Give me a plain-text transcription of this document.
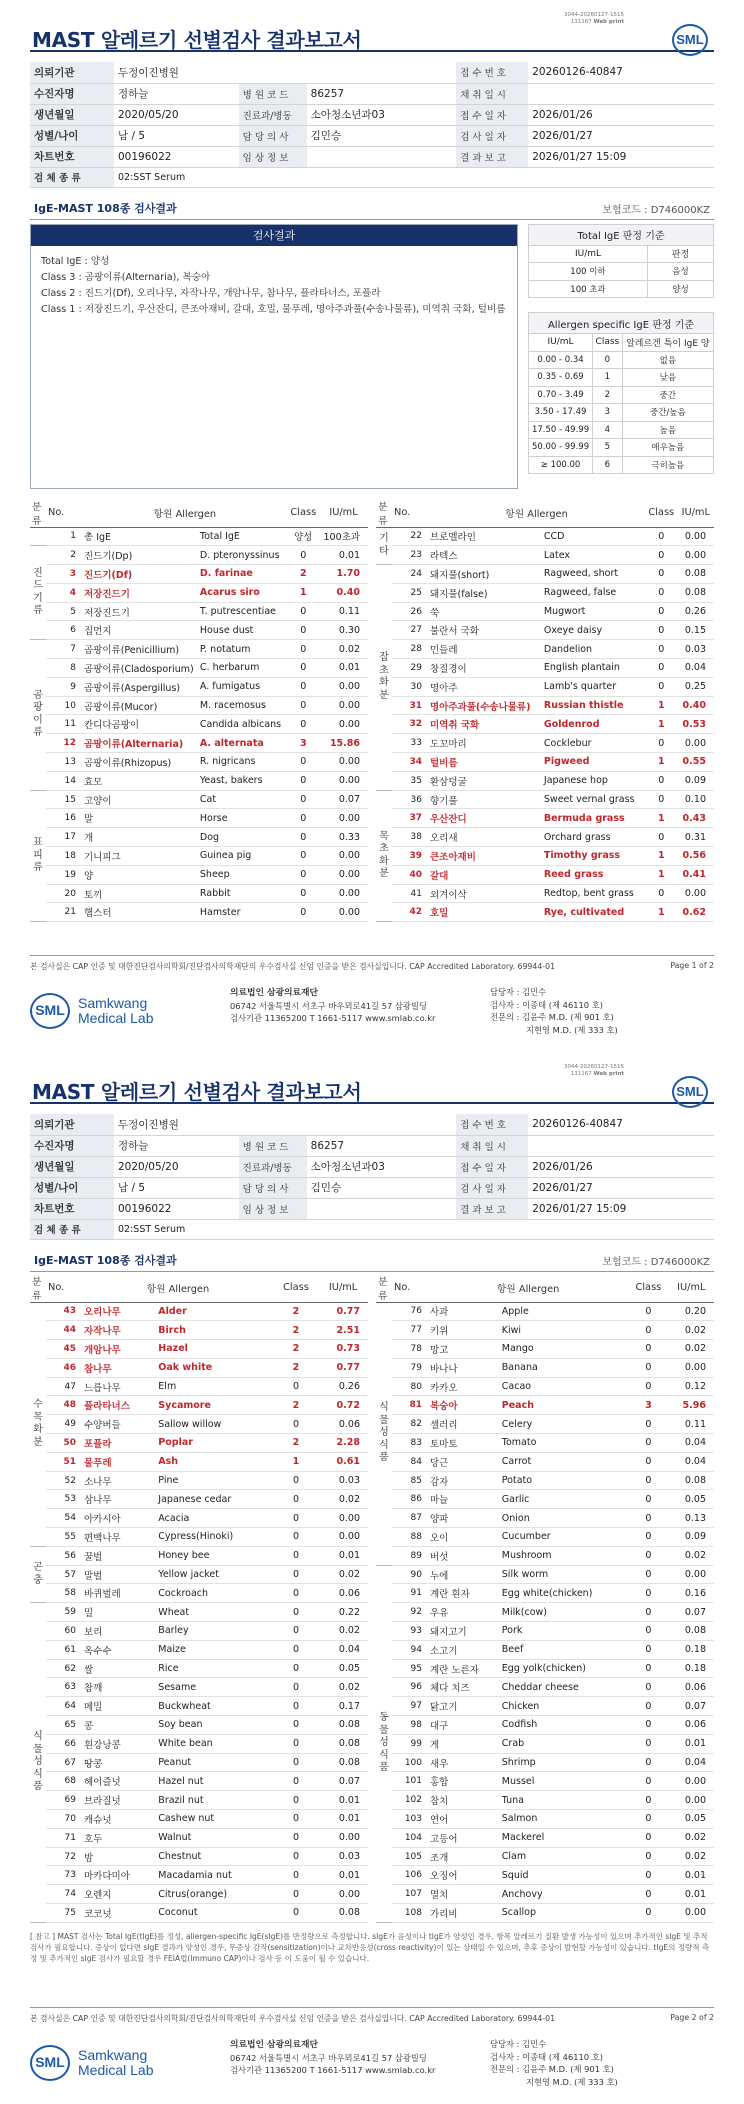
MAST 알레르기 선별검사 결과보고서
3044-20260127-1515
131167 Web print
SML
의뢰기관	두정이진병원			접 수 번 호	20260126-40847
수진자명	정하늘	병 원 코 드	86257	채 취 일 시	
생년월일	2020/05/20	진료과/병동	소아청소년과03	접 수 일 자	2026/01/26
성별/나이	남 / 5	담 당 의 사	김민승	검 사 일 자	2026/01/27
차트번호	00196022	임 상 정 보		결 과 보 고	2026/01/27 15:09
검 체 종 류	02:SST Serum				
IgE-MAST 108종 검사결과	보험코드 : D746000KZ
검사결과
Total IgE : 양성
Class 3 : 곰팡이류(Alternaria), 복숭아
Class 2 : 진드기(Df), 오리나무, 자작나무, 개암나무, 참나무, 플라타너스, 포플라
Class 1 : 저장진드기, 우산잔디, 큰조아재비, 갈대, 호밀, 물푸레, 명아주과풀(수송나물류), 미역취 국화, 털비름
Total IgE 판정 기준	
IU/mL	판정
100 이하	음성
100 초과	양성
Allergen specific IgE 판정 기준		
IU/mL	Class	알레르겐 특이 IgE 양
0.00 - 0.34	0	없음
0.35 - 0.69	1	낮음
0.70 - 3.49	2	중간
3.50 - 17.49	3	중간/높음
17.50 - 49.99	4	높음
50.00 - 99.99	5	매우높음
≥ 100.00	6	극히높음
분류	No.	항원 Allergen		Class	IU/mL
	1	총 IgE	Total IgE	양성	100초과
진
드
기
류	2	진드기(Dp)	D. pteronyssinus	0	0.01
	3	진드기(Df)	D. farinae	2	1.70
	4	저장진드기	Acarus siro	1	0.40
	5	저장진드기	T. putrescentiae	0	0.11
	6	집먼지	House dust	0	0.30
곰
팡
이
류	7	곰팡이류(Penicillium)	P. notatum	0	0.02
	8	곰팡이류(Cladosporium)	C. herbarum	0	0.01
	9	곰팡이류(Aspergillus)	A. fumigatus	0	0.00
	10	곰팡이류(Mucor)	M. racemosus	0	0.00
	11	칸디다곰팡이	Candida albicans	0	0.00
	12	곰팡이류(Alternaria)	A. alternata	3	15.86
	13	곰팡이류(Rhizopus)	R. nigricans	0	0.00
	14	효모	Yeast, bakers	0	0.00
표
피
류	15	고양이	Cat	0	0.07
	16	말	Horse	0	0.00
	17	개	Dog	0	0.33
	18	기니피그	Guinea pig	0	0.00
	19	양	Sheep	0	0.00
	20	토끼	Rabbit	0	0.00
	21	햄스터	Hamster	0	0.00
분류	No.	항원 Allergen		Class	IU/mL
기
타	22	브로멜라인	CCD	0	0.00
	23	라텍스	Latex	0	0.00
잡
초
화
분	24	돼지풀(short)	Ragweed, short	0	0.08
	25	돼지풀(false)	Ragweed, false	0	0.08
	26	쑥	Mugwort	0	0.26
	27	불란서 국화	Oxeye daisy	0	0.15
	28	민들레	Dandelion	0	0.03
	29	창질경이	English plantain	0	0.04
	30	명아주	Lamb's quarter	0	0.25
	31	명아주과풀(수송나물류)	Russian thistle	1	0.40
	32	미역취 국화	Goldenrod	1	0.53
	33	도꼬마리	Cocklebur	0	0.00
	34	털비름	Pigweed	1	0.55
	35	환삼덩굴	Japanese hop	0	0.09
목
초
화
분	36	향기풀	Sweet vernal grass	0	0.10
	37	우산잔디	Bermuda grass	1	0.43
	38	오리새	Orchard grass	0	0.31
	39	큰조아재비	Timothy grass	1	0.56
	40	갈대	Reed grass	1	0.41
	41	외겨이삭	Redtop, bent grass	0	0.00
	42	호밀	Rye, cultivated	1	0.62
본 검사실은 CAP 인증 및 대한진단검사의학회/진단검사의학재단의 우수검사실 신임 인증을 받은 검사실입니다. CAP Accredited Laboratory. 69944-01	Page 1 of 2
SML Samkwang
Medical Lab
의료법인 삼광의료재단
06742 서울특별시 서초구 바우뫼로41길 57 삼광빌딩
검사기관 11365200 T 1661-5117 www.smlab.co.kr
담당자 : 김민수
검사자 : 이종태 (제 46110 호)
전문의 : 김윤주 M.D. (제 901 호)
지현영 M.D. (제 333 호)
MAST 알레르기 선별검사 결과보고서
3044-20260127-1515
131167 Web print
SML
의뢰기관	두정이진병원			접 수 번 호	20260126-40847
수진자명	정하늘	병 원 코 드	86257	채 취 일 시	
생년월일	2020/05/20	진료과/병동	소아청소년과03	접 수 일 자	2026/01/26
성별/나이	남 / 5	담 당 의 사	김민승	검 사 일 자	2026/01/27
차트번호	00196022	임 상 정 보		결 과 보 고	2026/01/27 15:09
검 체 종 류	02:SST Serum				
IgE-MAST 108종 검사결과	보험코드 : D746000KZ
분류	No.	항원 Allergen		Class	IU/mL
수
목
화
분	43	오리나무	Alder	2	0.77
	44	자작나무	Birch	2	2.51
	45	개암나무	Hazel	2	0.73
	46	참나무	Oak white	2	0.77
	47	느릅나무	Elm	0	0.26
	48	플라타너스	Sycamore	2	0.72
	49	수양버들	Sallow willow	0	0.06
	50	포플라	Poplar	2	2.28
	51	물푸레	Ash	1	0.61
	52	소나무	Pine	0	0.03
	53	삼나무	Japanese cedar	0	0.02
	54	아카시아	Acacia	0	0.00
	55	편백나무	Cypress(Hinoki)	0	0.00
곤
충	56	꿀벌	Honey bee	0	0.01
	57	말벌	Yellow jacket	0	0.02
	58	바퀴벌레	Cockroach	0	0.06
식
물
성
식
품	59	밀	Wheat	0	0.22
	60	보리	Barley	0	0.02
	61	옥수수	Maize	0	0.04
	62	쌀	Rice	0	0.05
	63	참깨	Sesame	0	0.02
	64	메밀	Buckwheat	0	0.17
	65	콩	Soy bean	0	0.08
	66	흰강낭콩	White bean	0	0.08
	67	땅콩	Peanut	0	0.08
	68	헤이즐넛	Hazel nut	0	0.07
	69	브라질넛	Brazil nut	0	0.01
	70	캐슈넛	Cashew nut	0	0.01
	71	호두	Walnut	0	0.00
	72	밤	Chestnut	0	0.03
	73	마카다미아	Macadamia nut	0	0.01
	74	오렌지	Citrus(orange)	0	0.00
	75	코코넛	Coconut	0	0.08
분류	No.	항원 Allergen		Class	IU/mL
식
물
성
식
품	76	사과	Apple	0	0.20
	77	키위	Kiwi	0	0.02
	78	망고	Mango	0	0.02
	79	바나나	Banana	0	0.00
	80	카카오	Cacao	0	0.12
	81	복숭아	Peach	3	5.96
	82	셀러리	Celery	0	0.11
	83	토마토	Tomato	0	0.04
	84	당근	Carrot	0	0.04
	85	감자	Potato	0	0.08
	86	마늘	Garlic	0	0.05
	87	양파	Onion	0	0.13
	88	오이	Cucumber	0	0.09
	89	버섯	Mushroom	0	0.02
동
물
성
식
품	90	누에	Silk worm	0	0.00
	91	계란 흰자	Egg white(chicken)	0	0.16
	92	우유	Milk(cow)	0	0.07
	93	돼지고기	Pork	0	0.08
	94	소고기	Beef	0	0.18
	95	계란 노른자	Egg yolk(chicken)	0	0.18
	96	체다 치즈	Cheddar cheese	0	0.06
	97	닭고기	Chicken	0	0.07
	98	대구	Codfish	0	0.06
	99	게	Crab	0	0.01
	100	새우	Shrimp	0	0.04
	101	홍합	Mussel	0	0.00
	102	참치	Tuna	0	0.00
	103	연어	Salmon	0	0.05
	104	고등어	Mackerel	0	0.02
	105	조개	Clam	0	0.02
	106	오징어	Squid	0	0.01
	107	멸치	Anchovy	0	0.01
	108	가리비	Scallop	0	0.00
[ 참고 ] MAST 검사는 Total IgE(tIgE)를 정성, allergen-specific IgE(sIgE)를 반정량으로 측정합니다. sIgE가 음성이나 tIgE가 양성인 경우, 항목 알레르기 질환 발생 가능성이 있으며 추가적인 sIgE 및 추적검사가 필요합니다. 증상이 없다면 sIgE 결과가 양성인 경우, 무증상 감작(sensitization)이나 교차반응성(cross reactivity)이 있는 상태일 수 있으며, 추후 증상이 발현할 가능성이 있습니다. tIgE의 정량적 측정 및 추가적인 sIgE 검사가 필요할 경우 FEIA법(Immuno CAP)이나 검사 등 이 도움이 될 수 있습니다.
본 검사실은 CAP 인증 및 대한진단검사의학회/진단검사의학재단의 우수검사실 신임 인증을 받은 검사실입니다. CAP Accredited Laboratory. 69944-01	Page 2 of 2
SML Samkwang
Medical Lab
의료법인 삼광의료재단
06742 서울특별시 서초구 바우뫼로41길 57 삼광빌딩
검사기관 11365200 T 1661-5117 www.smlab.co.kr
담당자 : 김민수
검사자 : 이종태 (제 46110 호)
전문의 : 김윤주 M.D. (제 901 호)
지현영 M.D. (제 333 호)
